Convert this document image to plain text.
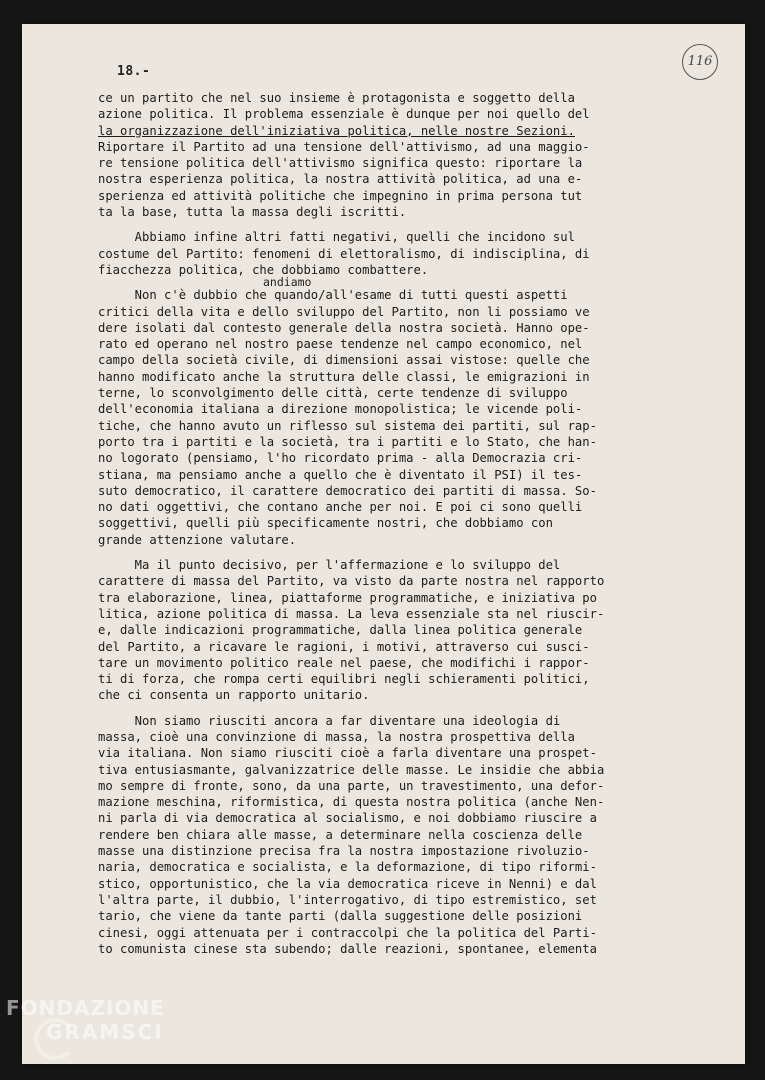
18.-
116
andiamo
ce un partito che nel suo insieme è protagonista e soggetto della
azione politica. Il problema essenziale è dunque per noi quello del
la organizzazione dell'iniziativa politica, nelle nostre Sezioni.
Riportare il Partito ad una tensione dell'attivismo, ad una maggio-
re tensione politica dell'attivismo significa questo: riportare la
nostra esperienza politica, la nostra attività politica, ad una e-
sperienza ed attività politiche che impegnino in prima persona tut
ta la base, tutta la massa degli iscritti.
Abbiamo infine altri fatti negativi, quelli che incidono sul
costume del Partito: fenomeni di elettoralismo, di indisciplina, di
fiacchezza politica, che dobbiamo combattere.
Non c'è dubbio che quando/all'esame di tutti questi aspetti
critici della vita e dello sviluppo del Partito, non li possiamo ve
dere isolati dal contesto generale della nostra società. Hanno ope-
rato ed operano nel nostro paese tendenze nel campo economico, nel
campo della società civile, di dimensioni assai vistose: quelle che
hanno modificato anche la struttura delle classi, le emigrazioni in
terne, lo sconvolgimento delle città, certe tendenze di sviluppo
dell'economia italiana a direzione monopolistica; le vicende poli-
tiche, che hanno avuto un riflesso sul sistema dei partiti, sul rap-
porto tra i partiti e la società, tra i partiti e lo Stato, che han-
no logorato (pensiamo, l'ho ricordato prima - alla Democrazia cri-
stiana, ma pensiamo anche a quello che è diventato il PSI) il tes-
suto democratico, il carattere democratico dei partiti di massa. So-
no dati oggettivi, che contano anche per noi. E poi ci sono quelli
soggettivi, quelli più specificamente nostri, che dobbiamo con
grande attenzione valutare.
Ma il punto decisivo, per l'affermazione e lo sviluppo del
carattere di massa del Partito, va visto da parte nostra nel rapporto
tra elaborazione, linea, piattaforme programmatiche, e iniziativa po
litica, azione politica di massa. La leva essenziale sta nel riuscir-
e, dalle indicazioni programmatiche, dalla linea politica generale
del Partito, a ricavare le ragioni, i motivi, attraverso cui susci-
tare un movimento politico reale nel paese, che modifichi i rappor-
ti di forza, che rompa certi equilibri negli schieramenti politici,
che ci consenta un rapporto unitario.
Non siamo riusciti ancora a far diventare una ideologia di
massa, cioè una convinzione di massa, la nostra prospettiva della
via italiana. Non siamo riusciti cioè a farla diventare una prospet-
tiva entusiasmante, galvanizzatrice delle masse. Le insidie che abbia
mo sempre di fronte, sono, da una parte, un travestimento, una defor-
mazione meschina, riformistica, di questa nostra politica (anche Nen-
ni parla di via democratica al socialismo, e noi dobbiamo riuscire a
rendere ben chiara alle masse, a determinare nella coscienza delle
masse una distinzione precisa fra la nostra impostazione rivoluzio-
naria, democratica e socialista, e la deformazione, di tipo riformi-
stico, opportunistico, che la via democratica riceve in Nenni) e dal
l'altra parte, il dubbio, l'interrogativo, di tipo estremistico, set
tario, che viene da tante parti (dalla suggestione delle posizioni
cinesi, oggi attenuata per i contraccolpi che la politica del Parti-
to comunista cinese sta subendo; dalle reazioni, spontanee, elementa
FONDAZIONE
GRAMSCI
